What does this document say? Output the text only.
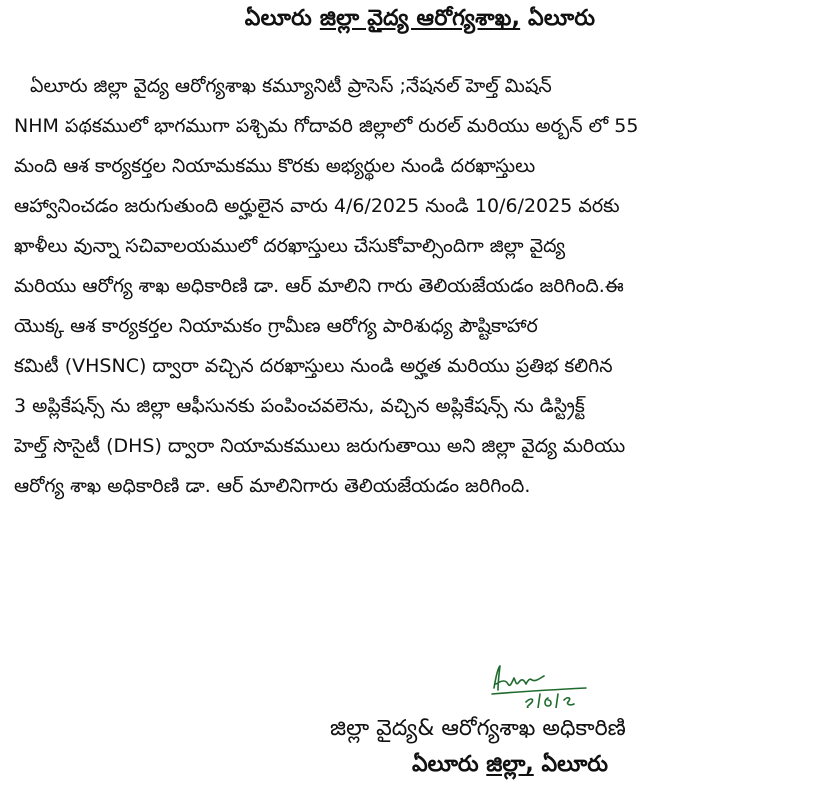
ఏలూరు జిల్లా వైద్య ఆరోగ్యశాఖ, ఏలూరు
ఏలూరు జిల్లా వైద్య ఆరోగ్యశాఖ కమ్యూనిటీ ప్రాసెస్ ;నేషనల్ హెల్త్ మిషన్
NHM పథకములో భాగముగా పశ్చిమ గోదావరి జిల్లాలో రురల్ మరియు అర్బన్ లో 55
మంది ఆశ కార్యకర్తల నియామకము కొరకు అభ్యర్థుల నుండి దరఖాస్తులు
ఆహ్వానించడం జరుగుతుంది అర్హులైన వారు 4/6/2025 నుండి 10/6/2025 వరకు
ఖాళీలు వున్నా సచివాలయములో దరఖాస్తులు చేసుకోవాల్సిందిగా జిల్లా వైద్య
మరియు ఆరోగ్య శాఖ అధికారిణి డా. ఆర్ మాలిని గారు తెలియజేయడం జరిగింది.ఈ
యొక్క ఆశ కార్యకర్తల నియామకం గ్రామీణ ఆరోగ్య పారిశుధ్య పౌష్టికాహార
కమిటీ (VHSNC) ద్వారా వచ్చిన దరఖాస్తులు నుండి అర్హత మరియు ప్రతిభ కలిగిన
3 అప్లికేషన్స్ ను జిల్లా ఆఫీసునకు పంపించవలెను, వచ్చిన అప్లికేషన్స్ ను డిస్ట్రిక్ట్
హెల్త్ సొసైటీ (DHS) ద్వారా నియామకములు జరుగుతాయి అని జిల్లా వైద్య మరియు
ఆరోగ్య శాఖ అధికారిణి డా. ఆర్ మాలినిగారు తెలియజేయడం జరిగింది.
జిల్లా వైద్య& ఆరోగ్యశాఖ అధికారిణి
ఏలూరు జిల్లా, ఏలూరు
